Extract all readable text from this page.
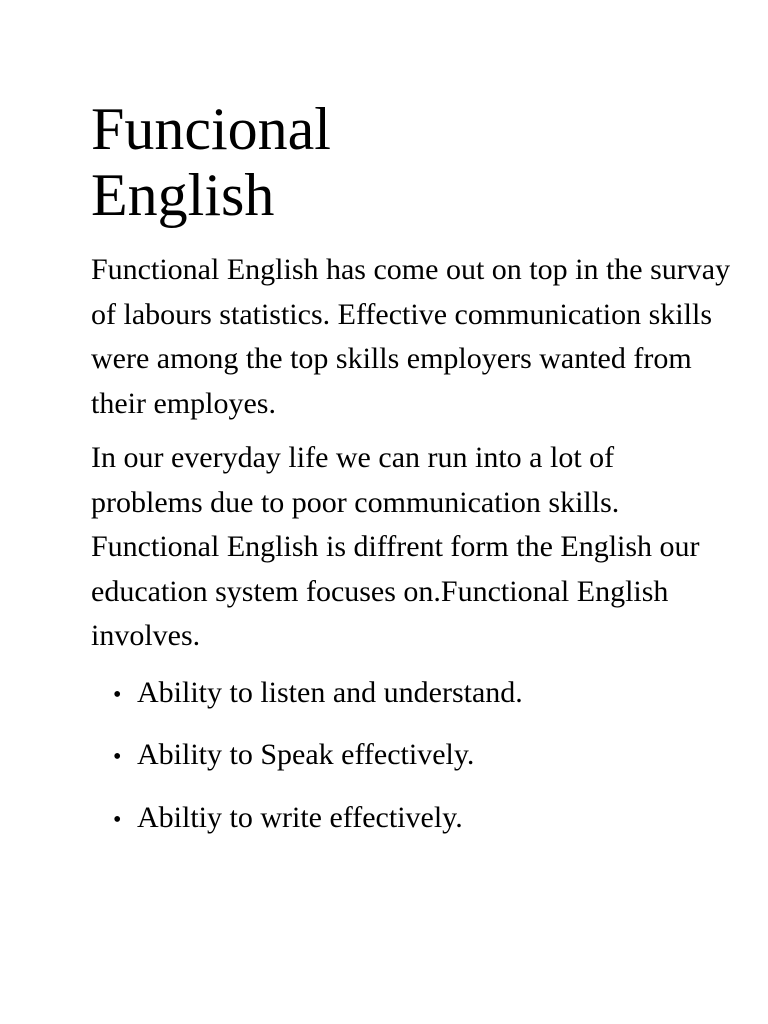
Funcional
English

Functional English has come out on top in the survay of labours statistics. Effective communication skills were among the top skills employers wanted from their employes.

In our everyday life we can run into a lot of problems due to poor communication skills. Functional English is diffrent form the English our education system focuses on.Functional English involves.

• Ability to listen and understand.
• Ability to Speak effectively.
• Abiltiy to write effectively.
